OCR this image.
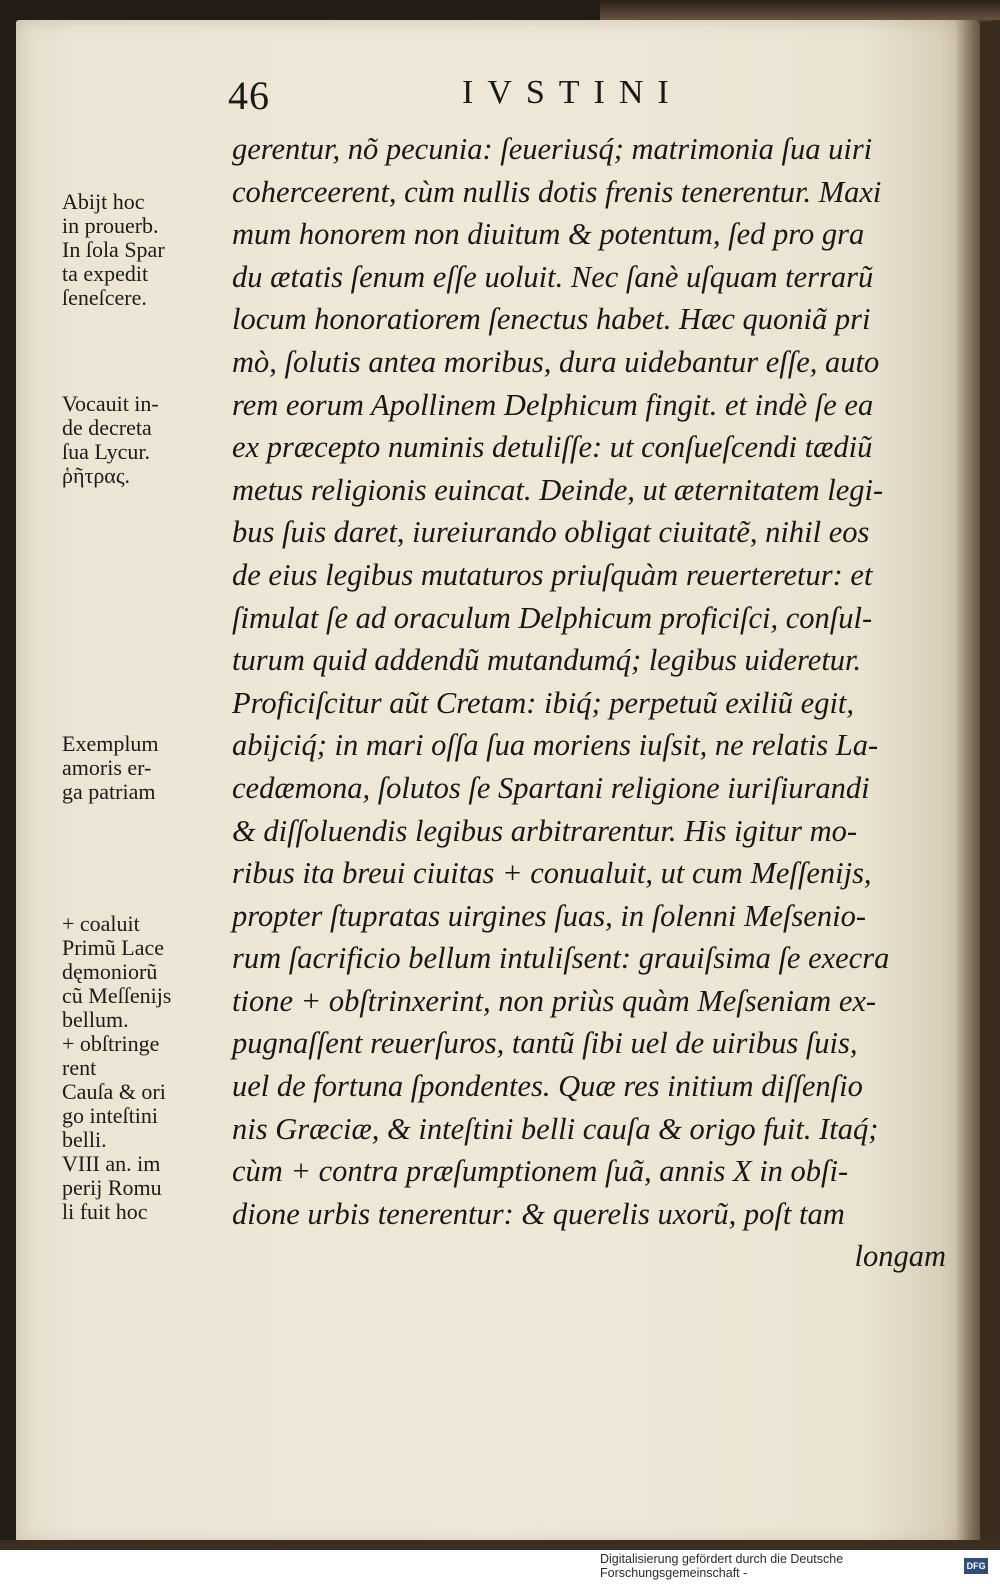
46	IVSTINI
gerentur, nõ pecunia: ſeueriusq́; matrimonia ſua uiri
coherceerent, cùm nullis dotis frenis tenerentur. Maxi
mum honorem non diuitum & potentum, ſed pro gra
du ætatis ſenum eſſe uoluit. Nec ſanè uſquam terrarũ
locum honoratiorem ſenectus habet. Hæc quoniã pri
mò, ſolutis antea moribus, dura uidebantur eſſe, auto
rem eorum Apollinem Delphicum fingit. et indè ſe ea
ex præcepto numinis detuliſſe: ut conſueſcendi tædiũ
metus religionis euincat. Deinde, ut æternitatem legi-
bus ſuis daret, iureiurando obligat ciuitatẽ, nihil eos
de eius legibus mutaturos priuſquàm reuerteretur: et
ſimulat ſe ad oraculum Delphicum proficiſci, conſul-
turum quid addendũ mutandumq́; legibus uideretur.
Proficiſcitur aũt Cretam: ibiq́; perpetuũ exiliũ egit,
abijciq́; in mari oſſa ſua moriens iuſsit, ne relatis La-
cedæmona, ſolutos ſe Spartani religione iuriſiurandi
& diſſoluendis legibus arbitrarentur. His igitur mo-
ribus ita breui ciuitas + conualuit, ut cum Meſſenijs,
propter ſtupratas uirgines ſuas, in ſolenni Meſsenio-
rum ſacrificio bellum intuliſsent: grauiſsima ſe execra
tione + obſtrinxerint, non priùs quàm Meſseniam ex-
pugnaſſent reuerſuros, tantũ ſibi uel de uiribus ſuis,
uel de fortuna ſpondentes. Quæ res initium diſſenſio
nis Græciæ, & inteſtini belli cauſa & origo fuit. Itaq́;
cùm + contra præſumptionem ſuã, annis X in obſi-
dione urbis tenerentur: & querelis uxorũ, poſt tam
longam
Abijt hoc
in prouerb.
In ſola Spar
ta expedit
ſeneſcere.
Vocauit in-
de decreta
ſua Lycur.
ῥῆτρας.
Exemplum
amoris er-
ga patriam
+ coaluit
Primũ Lace
dęmoniorũ
cũ Meſſenijs
bellum.
+ obſtringe
rent
Cauſa & ori
go inteſtini
belli.
VIII an. im
perij Romu
li fuit hoc
Digitalisierung gefördert durch die Deutsche Forschungsgemeinschaft -	DFG
